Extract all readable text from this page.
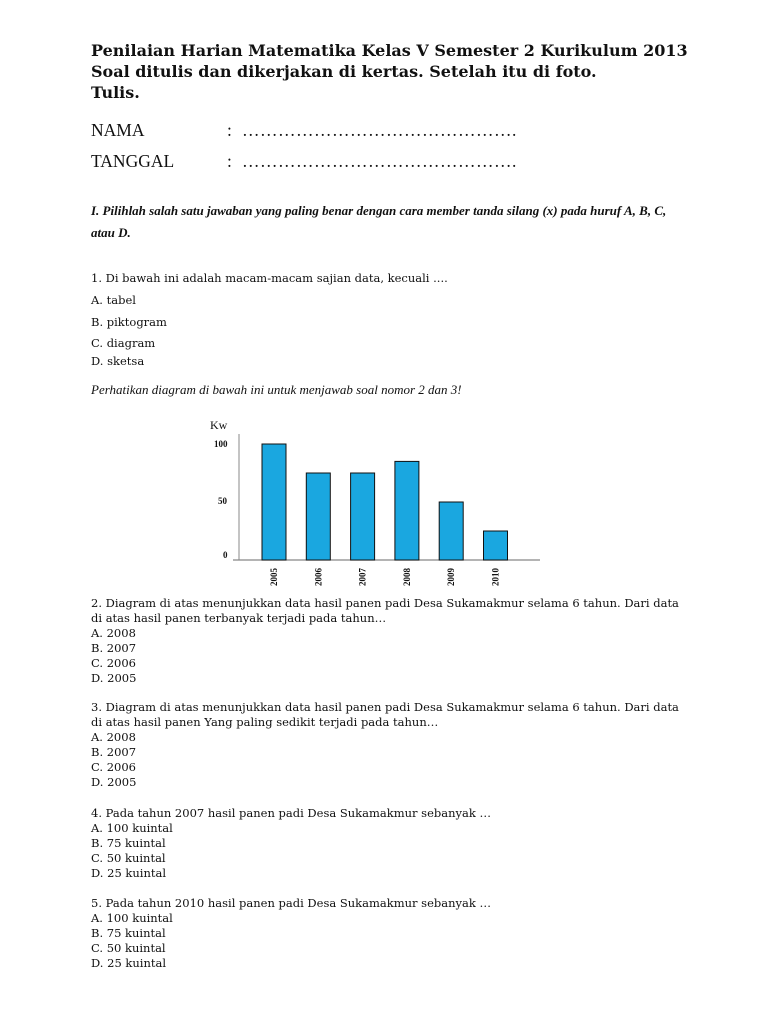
Penilaian Harian Matematika Kelas V Semester 2 Kurikulum 2013
Soal ditulis dan dikerjakan di kertas. Setelah itu di foto.
Tulis.
NAMA	: ……………………………………….
TANGGAL	: ……………………………………….
I. Pilihlah salah satu jawaban yang paling benar dengan cara member tanda silang (x) pada huruf A, B, C, atau D.
1. Di bawah ini adalah macam-macam sajian data, kecuali ....
A. tabel
B. piktogram
C. diagram
D. sketsa
Perhatikan diagram di bawah ini untuk menjawab soal nomor 2 dan 3!
Kw
100
50
0
2005	2006	2007	2008	2009	2010
2. Diagram di atas menunjukkan data hasil panen padi Desa Sukamakmur selama 6 tahun. Dari data di atas hasil panen terbanyak terjadi pada tahun…
A. 2008
B. 2007
C. 2006
D. 2005
3. Diagram di atas menunjukkan data hasil panen padi Desa Sukamakmur selama 6 tahun. Dari data di atas hasil panen Yang paling sedikit terjadi pada tahun…
A. 2008
B. 2007
C. 2006
D. 2005
4. Pada tahun 2007 hasil panen padi Desa Sukamakmur sebanyak …
A. 100 kuintal
B. 75 kuintal
C. 50 kuintal
D. 25 kuintal
5. Pada tahun 2010 hasil panen padi Desa Sukamakmur sebanyak …
A. 100 kuintal
B. 75 kuintal
C. 50 kuintal
D. 25 kuintal
